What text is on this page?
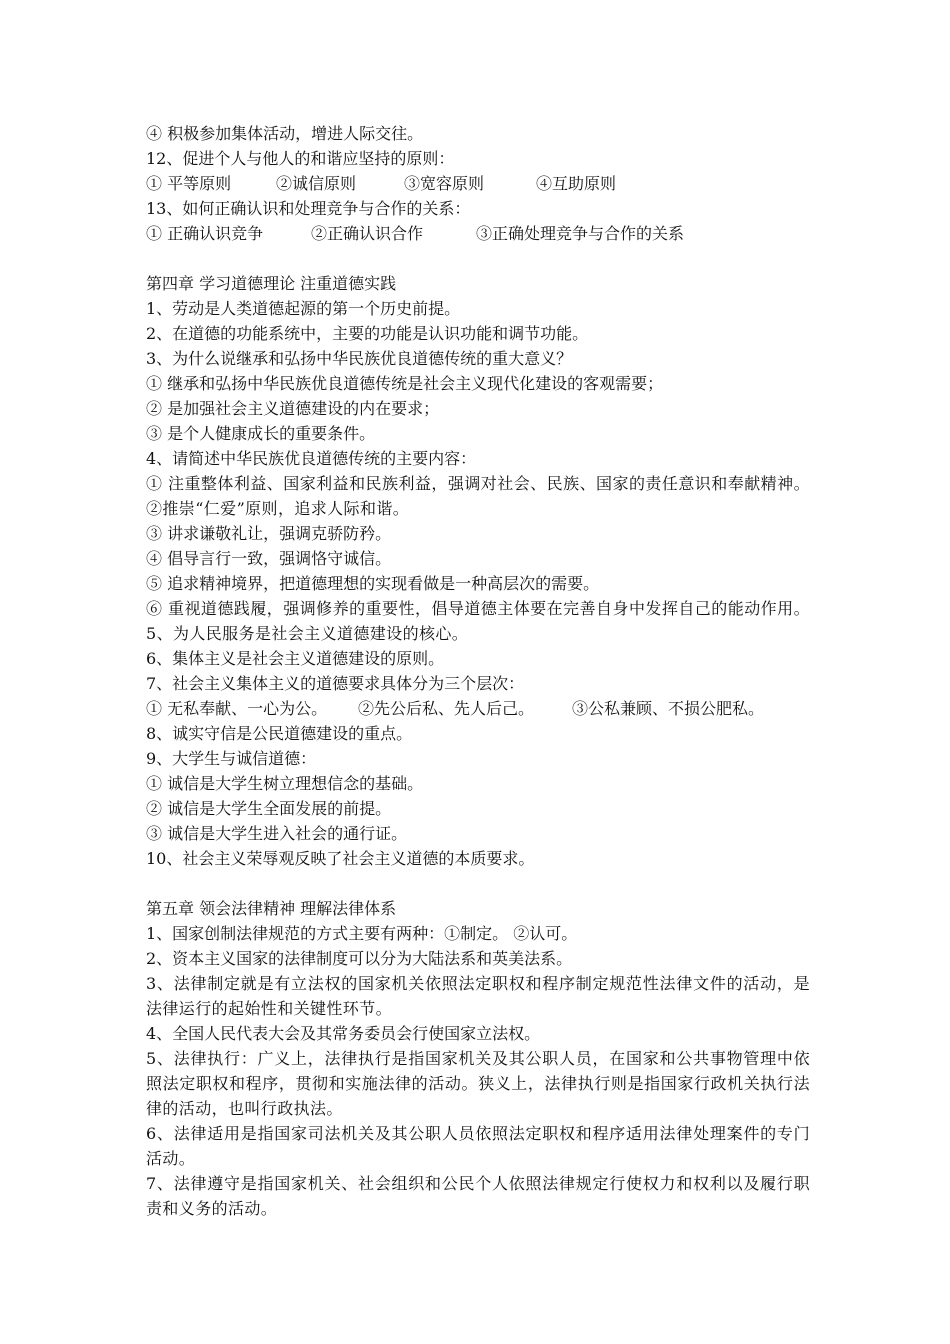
④ 积极参加集体活动，增进人际交往。
12、促进个人与他人的和谐应坚持的原则：
① 平等原则	②诚信原则	③宽容原则	④互助原则
13、如何正确认识和处理竞争与合作的关系：
① 正确认识竞争	②正确认识合作	③正确处理竞争与合作的关系
第四章 学习道德理论 注重道德实践
1、劳动是人类道德起源的第一个历史前提。
2、在道德的功能系统中，主要的功能是认识功能和调节功能。
3、为什么说继承和弘扬中华民族优良道德传统的重大意义？
① 继承和弘扬中华民族优良道德传统是社会主义现代化建设的客观需要；
② 是加强社会主义道德建设的内在要求；
③ 是个人健康成长的重要条件。
4、请简述中华民族优良道德传统的主要内容：
① 注重整体利益、国家利益和民族利益，强调对社会、民族、国家的责任意识和奉献精神。 ②推崇“仁爱”原则，追求人际和谐。
③ 讲求谦敬礼让，强调克骄防矜。
④ 倡导言行一致，强调恪守诚信。
⑤ 追求精神境界，把道德理想的实现看做是一种高层次的需要。
⑥ 重视道德践履，强调修养的重要性，倡导道德主体要在完善自身中发挥自己的能动作用。 5、为人民服务是社会主义道德建设的核心。
6、集体主义是社会主义道德建设的原则。
7、社会主义集体主义的道德要求具体分为三个层次：
① 无私奉献、一心为公。	②先公后私、先人后己。	③公私兼顾、不损公肥私。
8、诚实守信是公民道德建设的重点。
9、大学生与诚信道德：
① 诚信是大学生树立理想信念的基础。
② 诚信是大学生全面发展的前提。
③ 诚信是大学生进入社会的通行证。
10、社会主义荣辱观反映了社会主义道德的本质要求。
第五章 领会法律精神 理解法律体系
1、国家创制法律规范的方式主要有两种：①制定。 ②认可。
2、资本主义国家的法律制度可以分为大陆法系和英美法系。
3、法律制定就是有立法权的国家机关依照法定职权和程序制定规范性法律文件的活动，是法律运行的起始性和关键性环节。
4、全国人民代表大会及其常务委员会行使国家立法权。
5、法律执行：广义上，法律执行是指国家机关及其公职人员，在国家和公共事物管理中依照法定职权和程序，贯彻和实施法律的活动。狭义上，法律执行则是指国家行政机关执行法律的活动，也叫行政执法。
6、法律适用是指国家司法机关及其公职人员依照法定职权和程序适用法律处理案件的专门活动。
7、法律遵守是指国家机关、社会组织和公民个人依照法律规定行使权力和权利以及履行职责和义务的活动。
